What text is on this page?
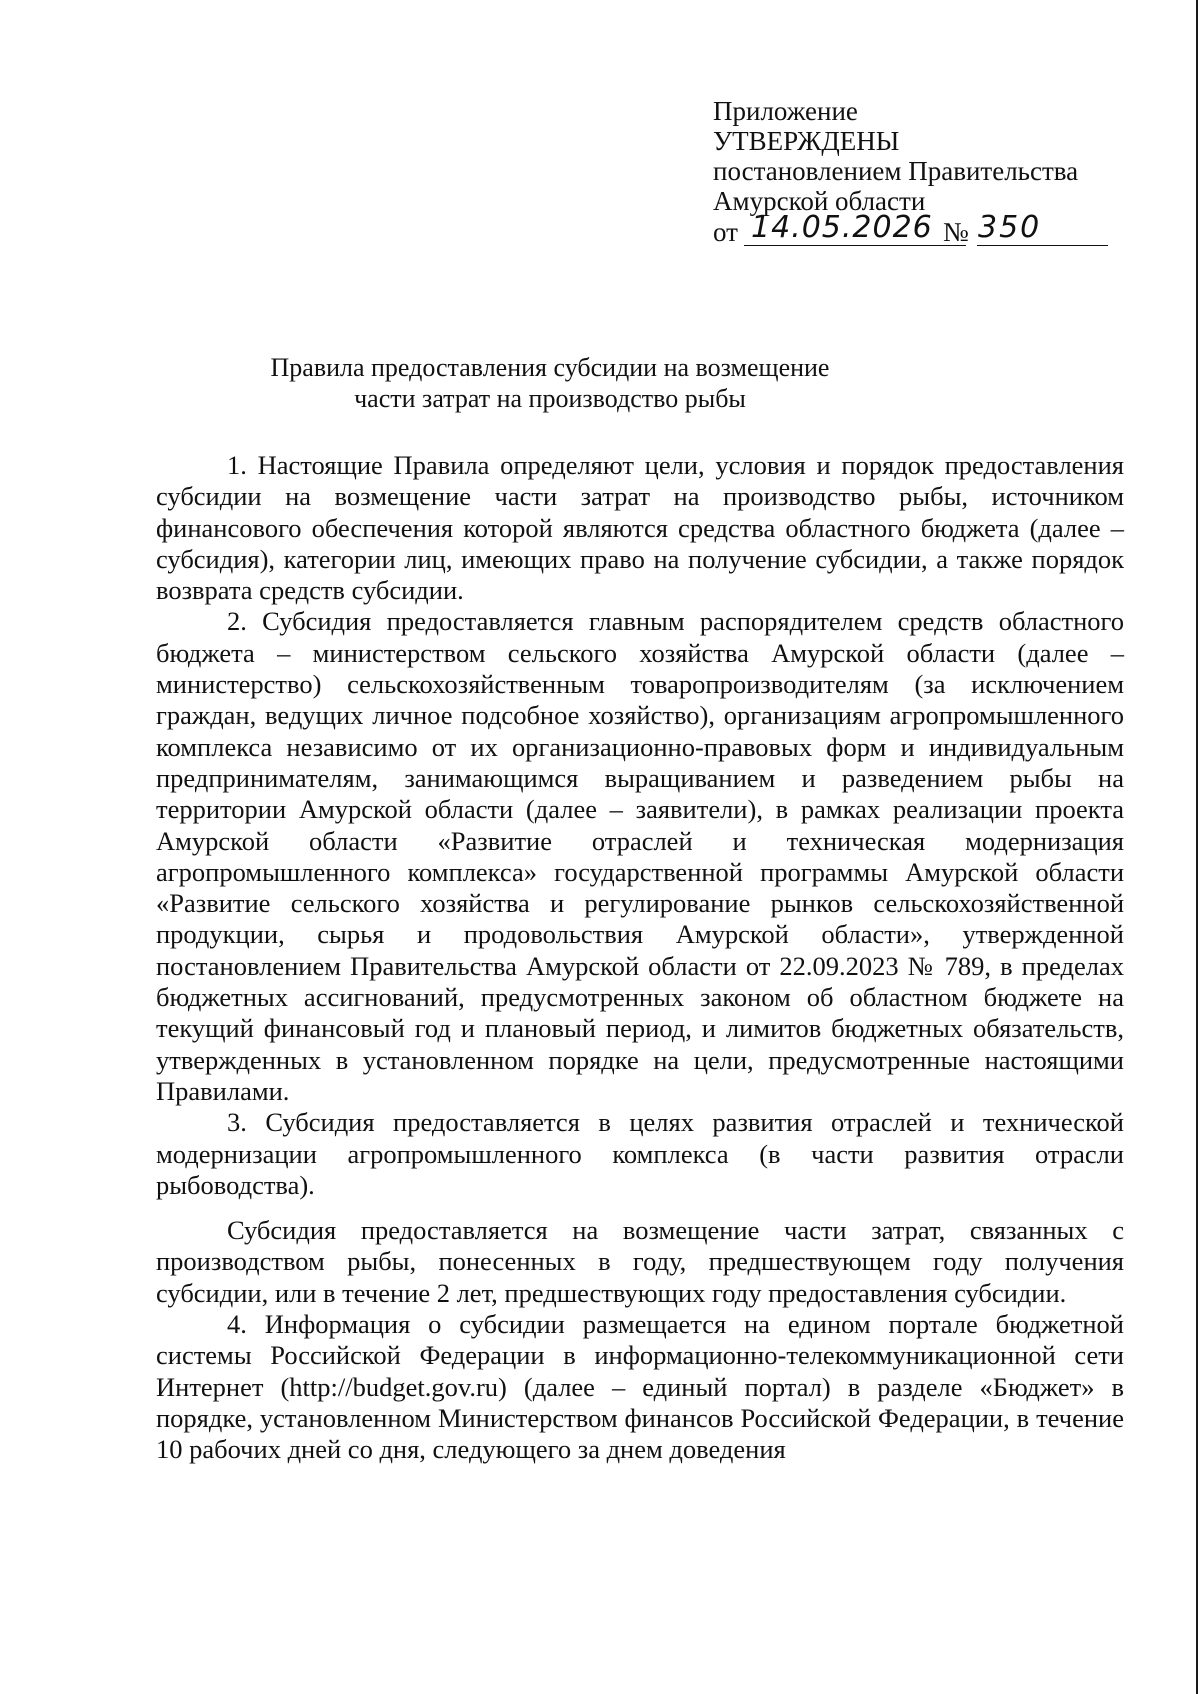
Приложение
УТВЕРЖДЕНЫ
постановлением Правительства
Амурской области
от 14.05.2026 № 350
Правила предоставления субсидии на возмещение
части затрат на производство рыбы

1. Настоящие Правила определяют цели, условия и порядок предоставления субсидии на возмещение части затрат на производство рыбы, источником финансового обеспечения которой являются средства областного бюджета (далее – субсидия), категории лиц, имеющих право на получение субсидии, а также порядок возврата средств субсидии.

2. Субсидия предоставляется главным распорядителем средств областного бюджета – министерством сельского хозяйства Амурской области (далее – министерство) сельскохозяйственным товаропроизводителям (за исключением граждан, ведущих личное подсобное хозяйство), организациям агропромышленного комплекса независимо от их организационно-правовых форм и индивидуальным предпринимателям, занимающимся выращиванием и разведением рыбы на территории Амурской области (далее – заявители), в рамках реализации проекта Амурской области «Развитие отраслей и техническая модернизация агропромышленного комплекса» государственной программы Амурской области «Развитие сельского хозяйства и регулирование рынков сельскохозяйственной продукции, сырья и продовольствия Амурской области», утвержденной постановлением Правительства Амурской области от 22.09.2023 № 789, в пределах бюджетных ассигнований, предусмотренных законом об областном бюджете на текущий финансовый год и плановый период, и лимитов бюджетных обязательств, утвержденных в установленном порядке на цели, предусмотренные настоящими Правилами.

3. Субсидия предоставляется в целях развития отраслей и технической модернизации агропромышленного комплекса (в части развития отрасли рыбоводства).

Субсидия предоставляется на возмещение части затрат, связанных с производством рыбы, понесенных в году, предшествующем году получения субсидии, или в течение 2 лет, предшествующих году предоставления субсидии.

4. Информация о субсидии размещается на едином портале бюджетной системы Российской Федерации в информационно-телекоммуникационной сети Интернет (http://budget.gov.ru) (далее – единый портал) в разделе «Бюджет» в порядке, установленном Министерством финансов Российской Федерации, в течение 10 рабочих дней со дня, следующего за днем доведения
